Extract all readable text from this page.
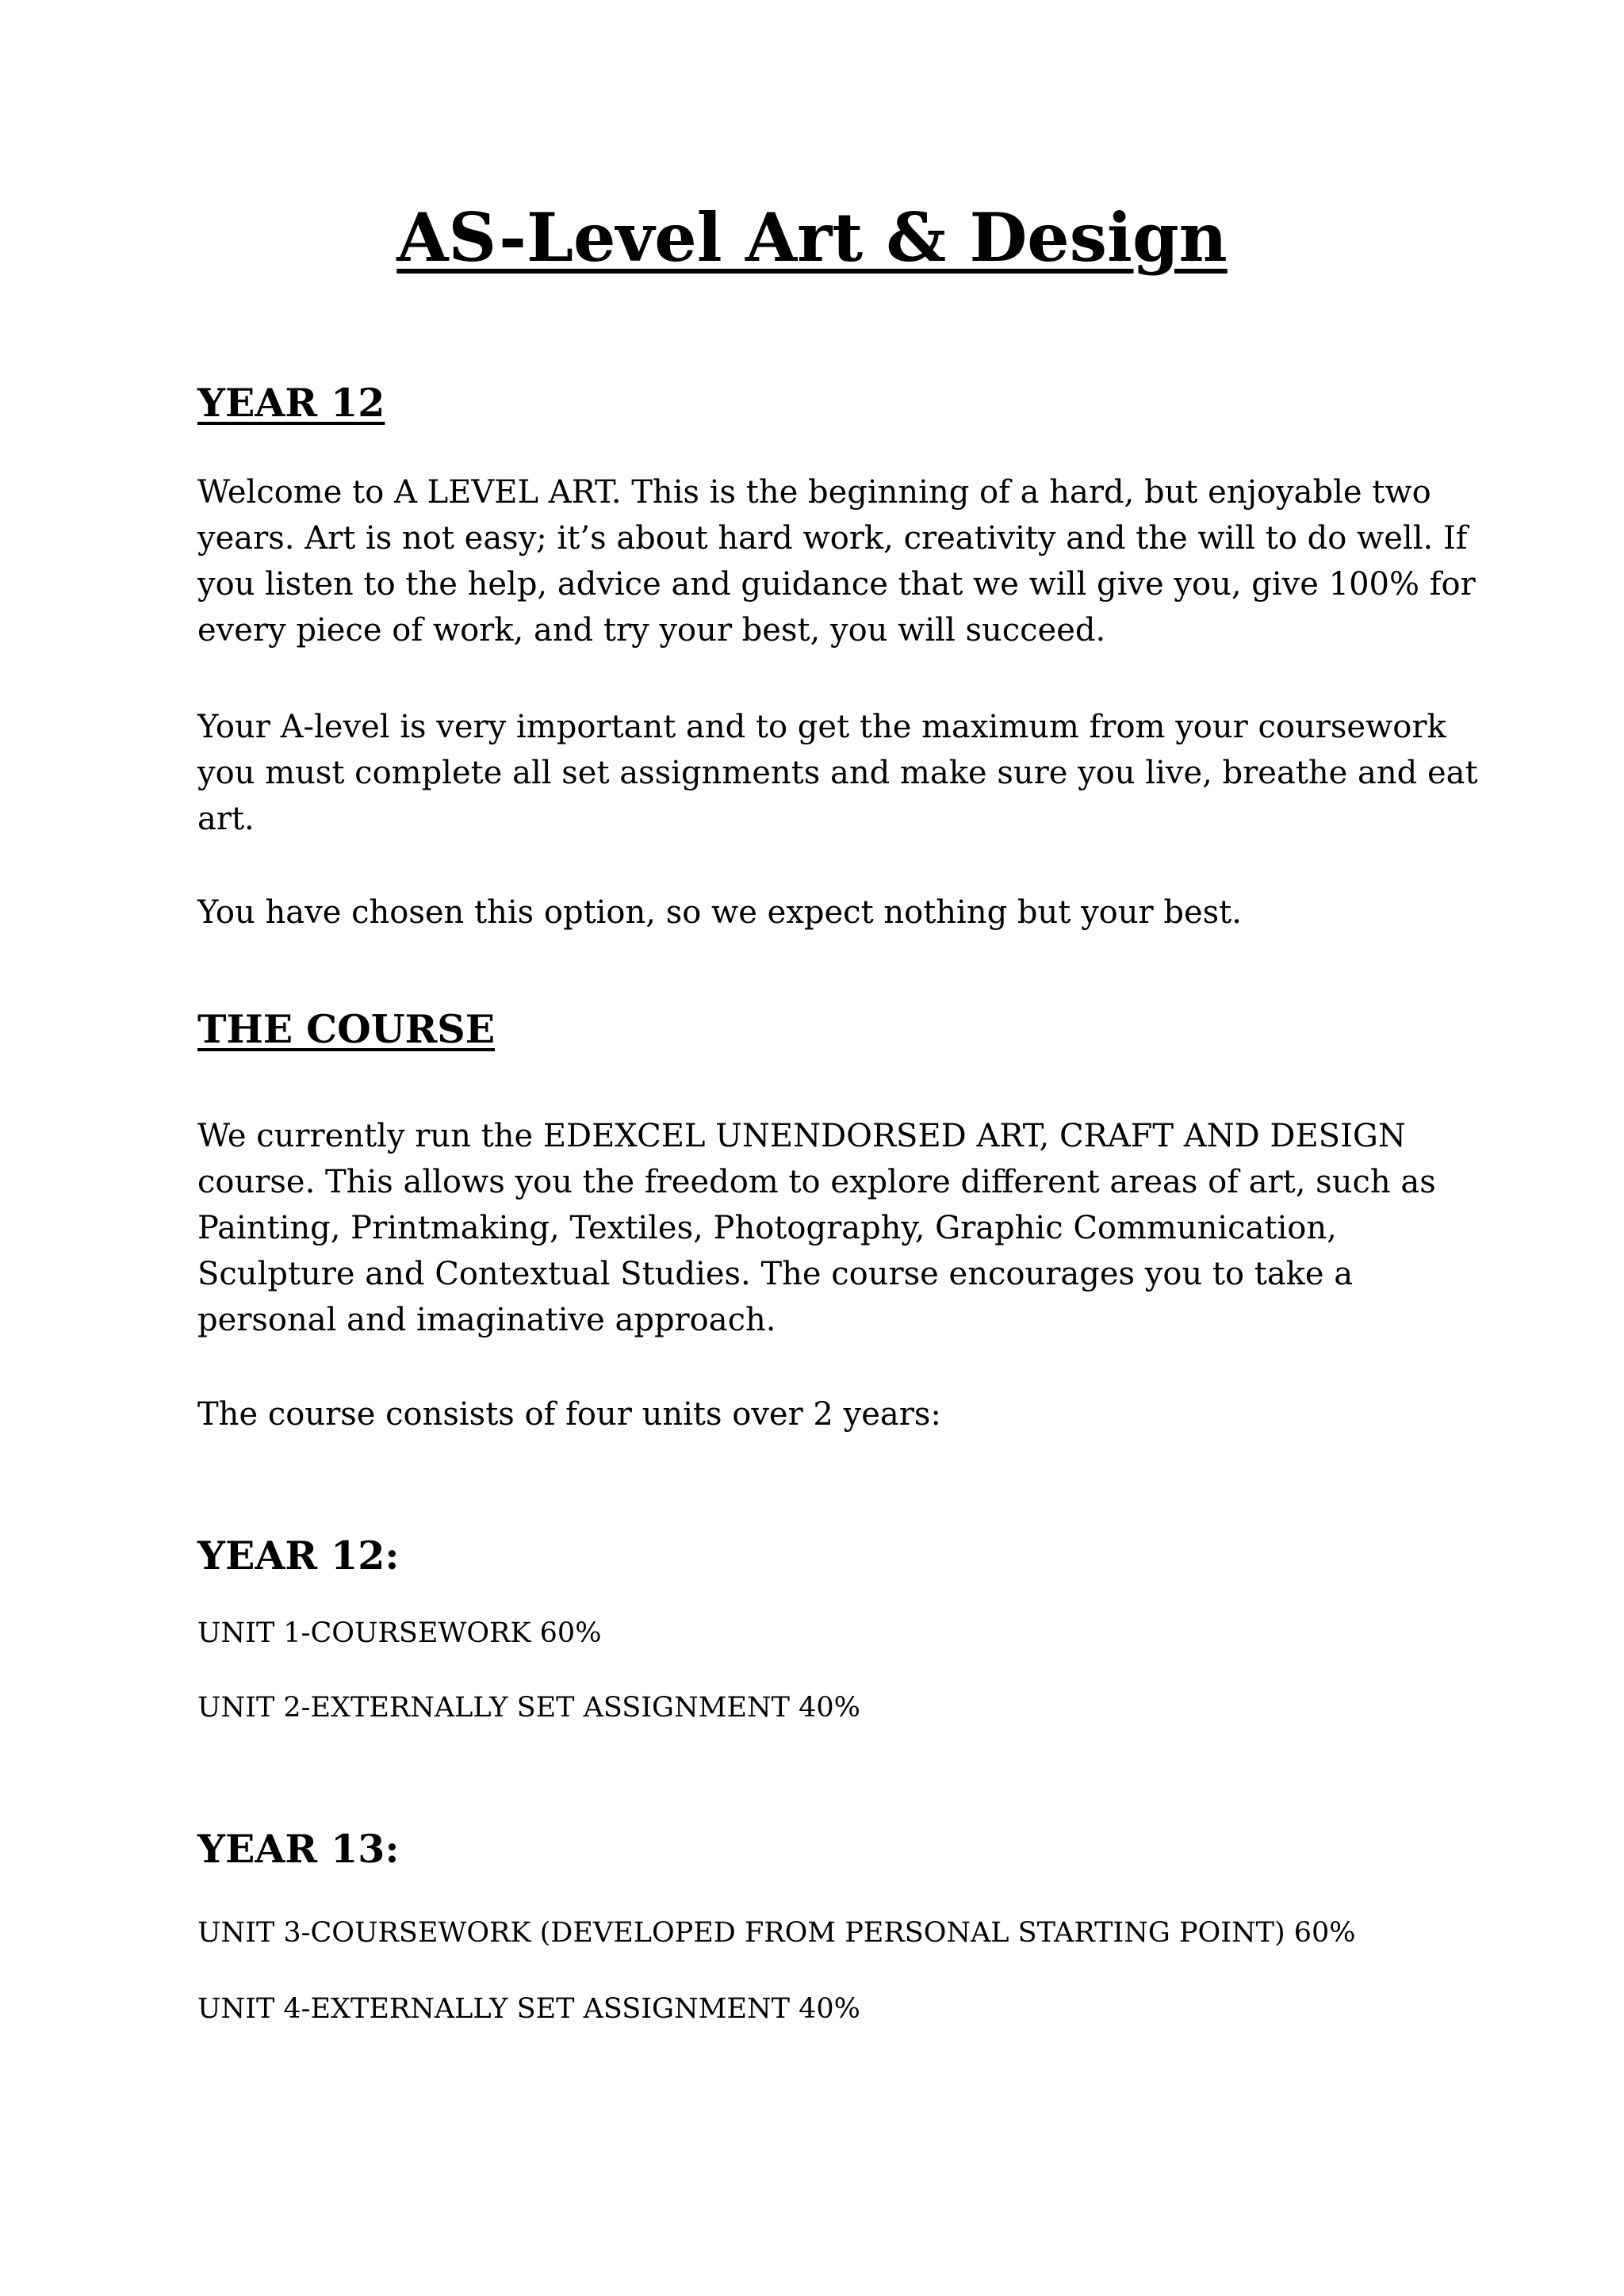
AS-Level Art & Design
YEAR 12

Welcome to A LEVEL ART. This is the beginning of a hard, but enjoyable two years. Art is not easy; it’s about hard work, creativity and the will to do well. If you listen to the help, advice and guidance that we will give you, give 100% for every piece of work, and try your best, you will succeed.

Your A-level is very important and to get the maximum from your coursework you must complete all set assignments and make sure you live, breathe and eat art.

You have chosen this option, so we expect nothing but your best.

THE COURSE

We currently run the EDEXCEL UNENDORSED ART, CRAFT AND DESIGN course. This allows you the freedom to explore different areas of art, such as Painting, Printmaking, Textiles, Photography, Graphic Communication, Sculpture and Contextual Studies. The course encourages you to take a personal and imaginative approach.

The course consists of four units over 2 years:

YEAR 12:

UNIT 1-COURSEWORK 60%

UNIT 2-EXTERNALLY SET ASSIGNMENT 40%

YEAR 13:

UNIT 3-COURSEWORK (DEVELOPED FROM PERSONAL STARTING POINT) 60%

UNIT 4-EXTERNALLY SET ASSIGNMENT 40%
